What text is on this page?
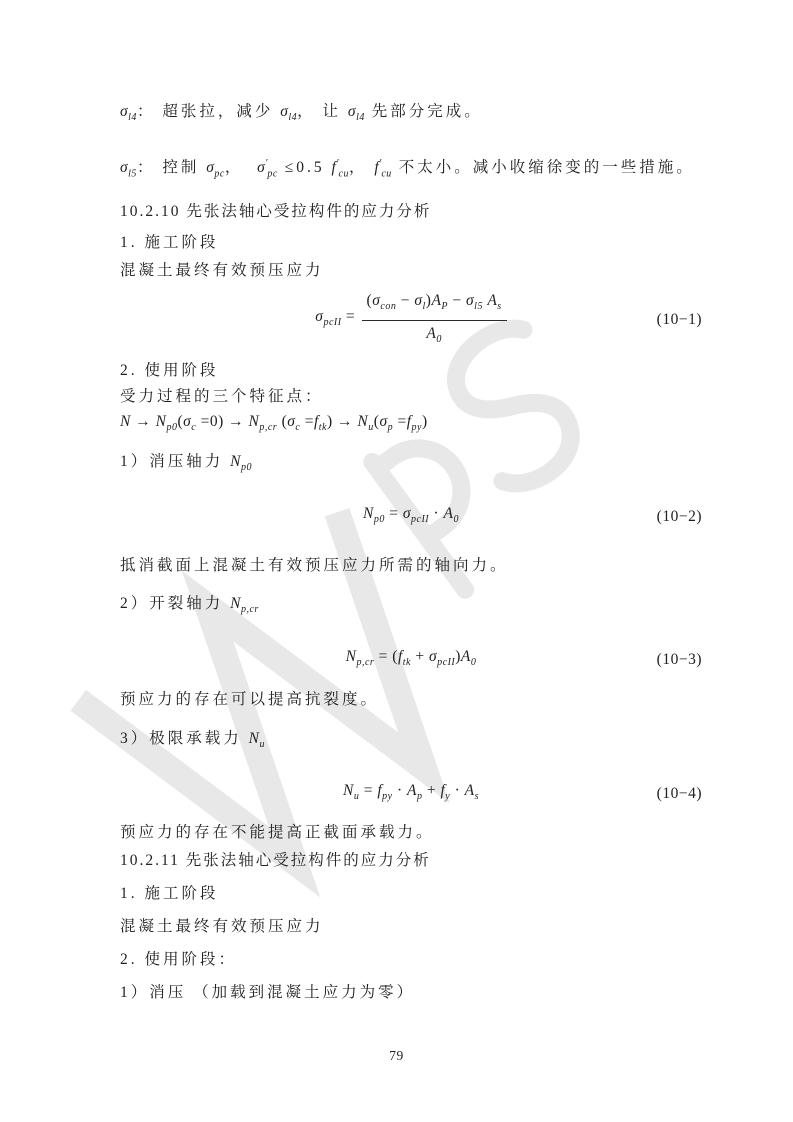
$\sigma_{l4}$： 超张拉，减少 $\sigma_{l4}$， 让 $\sigma_{l4}$ 先部分完成。
$\sigma_{l5}$： 控制 $\sigma_{pc}$，  $\sigma'_{pc} \le 0.5$ $f'_{cu}$， $f'_{cu}$ 不太小。减小收缩徐变的一些措施。
10.2.10 先张法轴心受拉构件的应力分析
1. 施工阶段
混凝土最终有效预压应力
$\sigma_{pcII} = \frac{(\sigma_{con} - \sigma_l)A_P - \sigma_{l5} A_s}{A_0}$	(10−1)
2. 使用阶段
受力过程的三个特征点：
$N \to N_{p0}(\sigma_c =0) \to N_{p,cr}$ $(\sigma_c =f_{tk}) \to N_u(\sigma_p =f_{py})$
1）消压轴力 $N_{p0}$
$N_{p0} = \sigma_{pcII} \cdot A_0$	(10−2)
抵消截面上混凝土有效预压应力所需的轴向力。
2）开裂轴力 $N_{p,cr}$
$N_{p,cr} = (f_{tk} + \sigma_{pcII})A_0$	(10−3)
预应力的存在可以提高抗裂度。
3）极限承载力 $N_u$
$N_u = f_{py} \cdot A_p + f_y \cdot A_s$	(10−4)
预应力的存在不能提高正截面承载力。
10.2.11 先张法轴心受拉构件的应力分析
1. 施工阶段
混凝土最终有效预压应力
2. 使用阶段：
1）消压 （加载到混凝土应力为零）
79
